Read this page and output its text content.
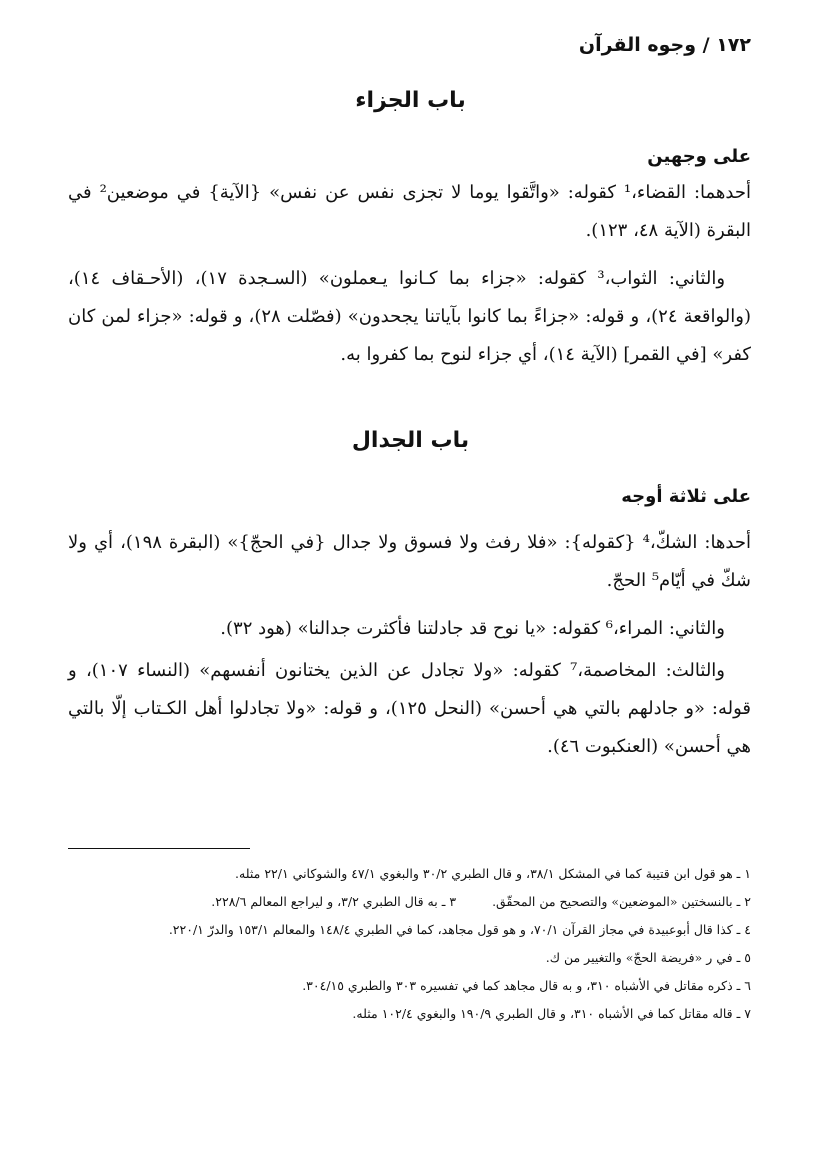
١٧٢ / وجوه القرآن
باب الجزاء
على وجهين

أحدهما: القضاء،¹ كقوله: «واتَّقوا يوما لا تجزى نفس عن نفس» {الآية} في موضعين² في البقرة (الآية ٤٨، ١٢٣).

والثاني: الثواب،³ كقوله: «جزاء بما كـانوا يـعملون» (السـجدة ١٧)، (الأحـقاف ١٤)، (والواقعة ٢٤)، و قوله: «جزاءً بما كانوا بآياتنا يجحدون» (فصّلت ٢٨)، و قوله: «جزاء لمن كان كفر» [في القمر] (الآية ١٤)، أي جزاء لنوح بما كفروا به.

باب الجدال
على ثلاثة أوجه

أحدها: الشكّ،⁴ {كقوله}: «فلا رفث ولا فسوق ولا جدال {في الحجّ}» (البقرة ١٩٨)، أي ولا شكّ في أيّام⁵ الحجّ.

والثاني: المراء،⁶ كقوله: «يا نوح قد جادلتنا فأكثرت جدالنا» (هود ٣٢).

والثالث: المخاصمة،⁷ كقوله: «ولا تجادل عن الذين يختانون أنفسهم» (النساء ١٠٧)، و قوله: «و جادلهم بالتي هي أحسن» (النحل ١٢٥)، و قوله: «ولا تجادلوا أهل الكـتاب إلّا بالتي هي أحسن» (العنكبوت ٤٦).

١ ـ هو قول ابن قتيبة كما في المشكل ٣٨/١، و قال الطبري ٣٠/٢ والبغوي ٤٧/١ والشوكاني ٢٢/١ مثله.
٢ ـ بالنسختين «الموضعين» والتصحيح من المحقّق.٣ ـ به قال الطبري ٣/٢، و ليراجع المعالم ٢٢٨/٦.
٤ ـ كذا قال أبوعبيدة في مجاز القرآن ٧٠/١، و هو قول مجاهد، كما في الطبري ١٤٨/٤ والمعالم ١٥٣/١ والدرّ ٢٢٠/١.
٥ ـ في ر «فريضة الحجّ» والتغيير من ك.
٦ ـ ذكره مقاتل في الأشباه ٣١٠، و به قال مجاهد كما في تفسيره ٣٠٣ والطبري ٣٠٤/١٥.
٧ ـ قاله مقاتل كما في الأشباه ٣١٠، و قال الطبري ١٩٠/٩ والبغوي ١٠٢/٤ مثله.
